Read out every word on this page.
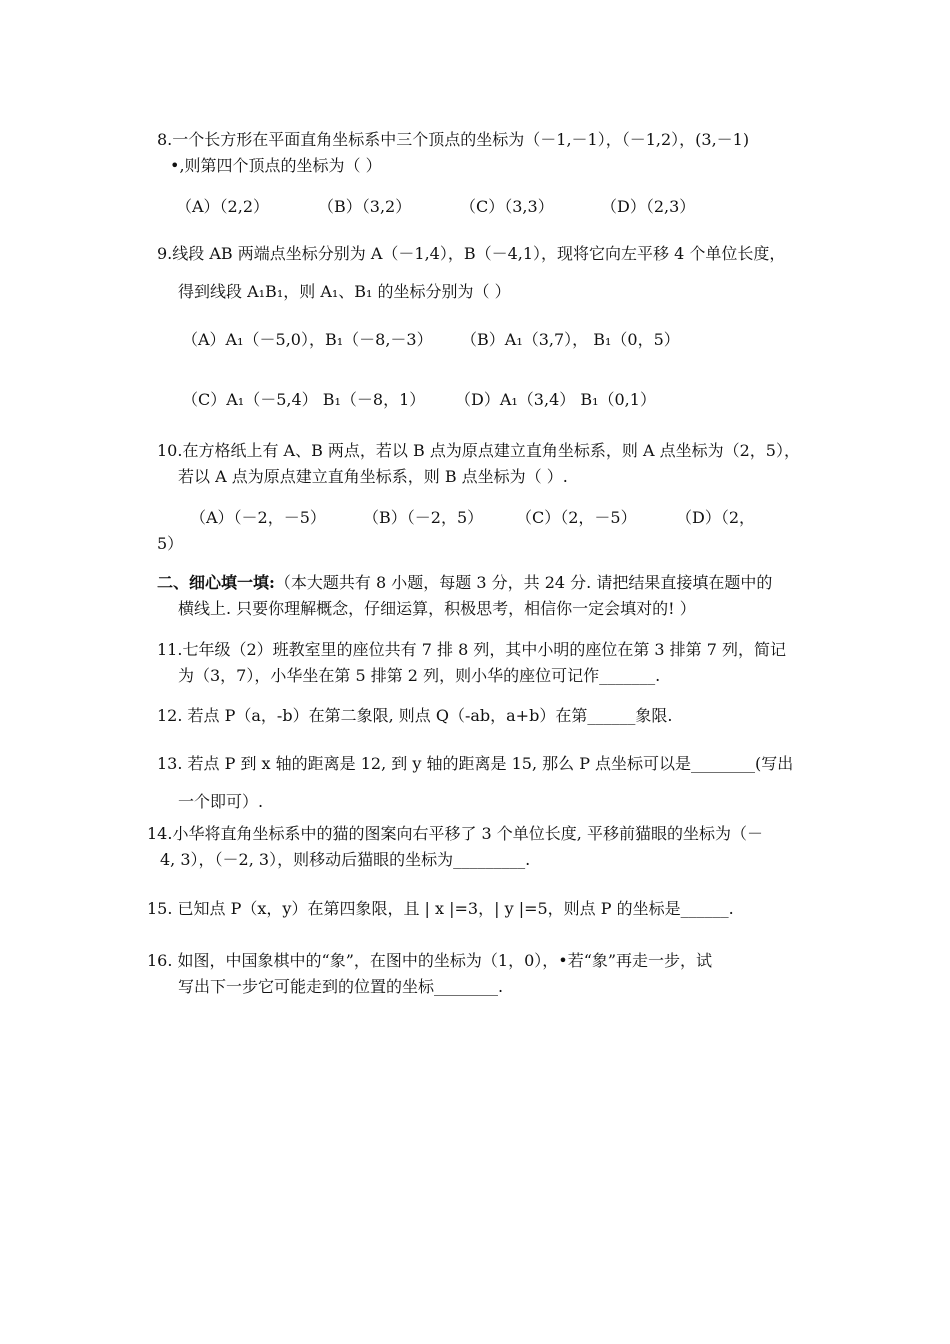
8.一个长方形在平面直角坐标系中三个顶点的坐标为（－1,－1），（－1,2），(3,－1)
•,则第四个顶点的坐标为（ ）
（A）（2,2）	（B）（3,2）	（C）（3,3）	（D）（2,3）
9.线段 AB 两端点坐标分别为 A（－1,4），B（－4,1），现将它向左平移 4 个单位长度，
得到线段 A₁B₁，则 A₁、B₁ 的坐标分别为（ ）
（A）A₁（－5,0），B₁（－8,－3） （B）A₁（3,7）， B₁（0，5）
（C）A₁（－5,4） B₁（－8，1） （D）A₁（3,4） B₁（0,1）
10.在方格纸上有 A、B 两点，若以 B 点为原点建立直角坐标系，则 A 点坐标为（2，5），
若以 A 点为原点建立直角坐标系，则 B 点坐标为（ ）.
（A）（－2，－5） （B）（－2，5） （C）（2，－5） （D）（2，
5）
二、细心填一填:（本大题共有 8 小题，每题 3 分，共 24 分. 请把结果直接填在题中的
横线上. 只要你理解概念，仔细运算，积极思考，相信你一定会填对的! ）
11.七年级（2）班教室里的座位共有 7 排 8 列，其中小明的座位在第 3 排第 7 列，简记
为（3，7），小华坐在第 5 排第 2 列，则小华的座位可记作_______.
12. 若点 P（a，-b）在第二象限, 则点 Q（-ab，a+b）在第______象限.
13. 若点 P 到 x 轴的距离是 12, 到 y 轴的距离是 15, 那么 P 点坐标可以是________(写出
一个即可）.
14.小华将直角坐标系中的猫的图案向右平移了 3 个单位长度, 平移前猫眼的坐标为（－
4, 3），（－2, 3），则移动后猫眼的坐标为_________.
15. 已知点 P（x，y）在第四象限，且 | x |=3，| y |=5，则点 P 的坐标是______.
16. 如图，中国象棋中的“象”，在图中的坐标为（1，0），•若“象”再走一步，试
写出下一步它可能走到的位置的坐标________.
